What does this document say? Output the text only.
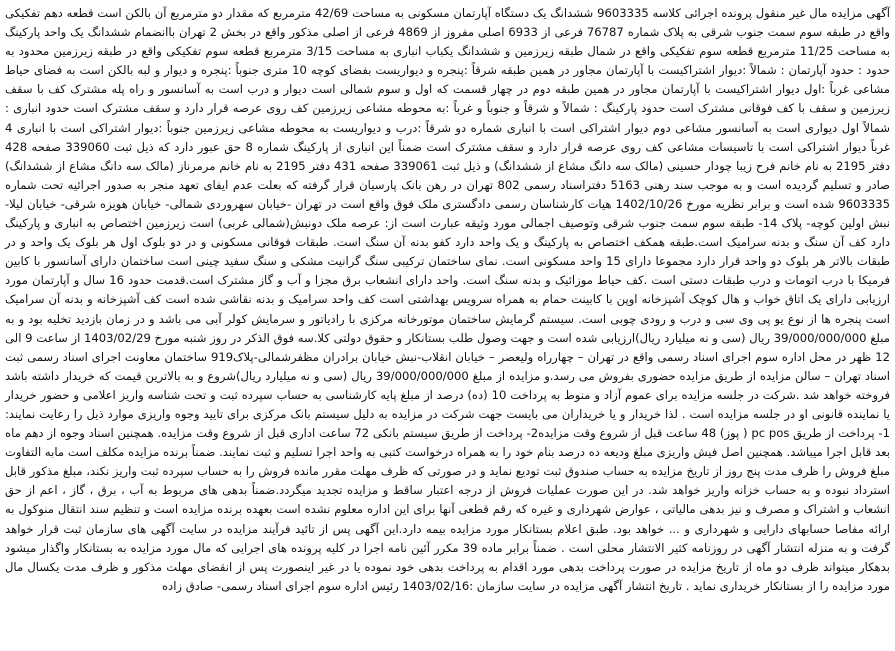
آگهی مزایده مال غیر منقول پرونده اجرائی کلاسه 9603335 ششدانگ یک دستگاه آپارتمان مسکونی به مساحت 42/69 مترمربع که مقدار دو مترمربع آن بالکن است قطعه دهم تفکیکی واقع در طبقه سوم سمت جنوب شرقی به پلاک شماره 76787 فرعی از 6933 اصلی مفروز از 4869 فرعی از اصلی مذکور واقع در بخش 2 تهران باانضمام ششدانگ یک واحد پارکینگ به مساحت 11/25 مترمربع قطعه سوم تفکیکی واقع در شمال طبقه زیرزمین و ششدانگ یکباب انباری به مساحت 3/15 مترمربع قطعه سوم تفکیکی واقع در طبقه زیرزمین محدود به حدود : حدود آپارتمان : شمالاً :دیوار اشتراکیست با آپارتمان مجاور در همین طبقه شرقاً :پنجره و دیواریست بفضای کوچه 10 متری جنوباً :پنجره و دیوار و لبه بالکن است به فضای حیاط مشاعی غرباً :اول دیوار اشتراکیست با آپارتمان مجاور در همین طبقه دوم در چهار قسمت که اول و سوم شمالی است دیوار و درب است به آسانسور و راه پله مشترک کف با سقف زیرزمین و سقف با کف فوقانی مشترک است حدود پارکینگ : شمالاً و شرقاً و جنوباً و غرباً :به محوطه مشاعی زیرزمین کف روی عرصه قرار دارد و سقف مشترک است حدود انباری : شمالاً اول دیواری است به آسانسور مشاعی دوم دیوار اشتراکی است با انباری شماره دو شرقاً :درب و دیواریست به محوطه مشاعی زیرزمین جنوباً :دیوار اشتراکی است با انباری 4 غرباً دیوار اشتراکی است با تاسیسات مشاعی کف روی عرصه قرار دارد و سقف مشترک است ضمناً این انباری از پارکینگ شماره 8 حق عبور دارد که ذیل ثبت 339060 صفحه 428 دفتر 2195 به نام خانم فرح زیبا چودار حسینی (مالک سه دانگ مشاع از ششدانگ) و ذیل ثبت 339061 صفحه 431 دفتر 2195 به نام خانم مرمرناز (مالک سه دانگ مشاع از ششدانگ) صادر و تسلیم گردیده است و به موجب سند رهنی 5163 دفتراسناد رسمی 802 تهران در رهن بانک پارسیان قرار گرفته که بعلت عدم ایفای تعهد منجر به صدور اجرائیه تحت شماره 9603335 شده است و برابر نظریه مورخ 1402/10/26 هیات کارشناسان رسمی دادگستری ملک فوق واقع است در تهران -خیابان سهروردی شمالی- خیابان هویزه شرقی- خیابان لیلا-نبش اولین کوچه- پلاک 14- طبقه سوم سمت جنوب شرقی وتوصیف اجمالی مورد وثیقه عبارت است از: عرصه ملک دونبش(شمالی غربی) است زیرزمین اختصاص به انباری و پارکینگ دارد کف آن سنگ و بدنه سرامیک است.طبقه همکف اختصاص به پارکینگ و یک واحد دارد کفو بدنه آن سنگ است. طبقات فوقانی مسکونی و در دو بلوک اول هر بلوک یک واحد و در طبقات بالاتر هر بلوک دو واحد قرار دارد مجموعا دارای 15 واحد مسکونی است. نمای ساختمان ترکیبی سنگ گرانیت مشکی و سنگ سفید چینی است ساختمان دارای آسانسور با کابین فرمیکا با درب اتومات و درب طبقات دستی است .کف حیاط موزائیک و بدنه سنگ است. واحد دارای انشعاب برق مجزا و آب و گاز مشترک است.قدمت حدود 16 سال و آپارتمان مورد ارزیابی دارای یک اتاق خواب و هال کوچک آشپزخانه اوپن با کابینت حمام به همراه سرویس بهداشتی است کف واحد سرامیک و بدنه نقاشی شده است کف آشپزخانه و بدنه آن سرامیک است پنجره ها از نوع یو پی وی سی و درب و رودی چوبی است. سیستم گرمایش ساختمان موتورخانه مرکزی با رادیاتور و سرمایش کولر آبی می باشد و در زمان بازدید تخلیه بود و به مبلغ 39/000/000/000 ریال (سی و نه میلیارد ریال)ارزیابی شده است و جهت وصول طلب بستانکار و حقوق دولتی کلا.سه فوق الذکر در روز شنبه مورخ 1403/02/29 از ساعت 9 الی 12 ظهر در محل اداره سوم اجرای اسناد رسمی واقع در تهران – چهارراه ولیعصر – خیابان انقلاب-نبش خیابان برادران مظفرشمالی-پلاک919 ساختمان معاونت اجرای اسناد رسمی ثبت اسناد تهران – سالن مزایده از طریق مزایده حضوری بفروش می رسد.و مزایده از مبلغ 39/000/000/000 ریال (سی و نه میلیارد ریال)شروع و به بالاترین قیمت که خریدار داشته باشد فروخته خواهد شد .شرکت در جلسه مزایده برای عموم آزاد و منوط به پرداخت 10 (ده) درصد از مبلغ پایه کارشناسی به حساب سپرده ثبت و تحت شناسه واریز اعلامی و حضور خریدار یا نماینده قانونی او در جلسه مزایده است . لذا خریدار و یا خریداران می بایست جهت شرکت در مزایده به دلیل سیستم بانک مرکزی برای تایید وجوه واریزی موارد ذیل را رعایت نمایند: 1- پرداخت از طریق pc pos ( پوز) 48 ساعت قبل از شروع وقت مزایده2- پرداخت از طریق سیستم بانکی 72 ساعت اداری قبل از شروع وقت مزایده. همچنین اسناد وجوه از دهم ماه بعد قابل اجرا میباشد. همچنین اصل فیش واریزی مبلغ ودیعه ده درصد بنام خود را به همراه درخواست کتبی به واحد اجرا تسلیم و ثبت نمایند. ضمناً برنده مزایده مکلف است مابه التفاوت مبلغ فروش را ظرف مدت پنج روز از تاریخ مزایده به حساب صندوق ثبت تودیع نماید و در صورتی که ظرف مهلت مقرر مانده فروش را به حساب سپرده ثبت واریز نکند، مبلغ مذکور قابل استرداد نبوده و به حساب خزانه واریز خواهد شد. در این صورت عملیات فروش از درجه اعتبار ساقط و مزایده تجدید میگردد.ضمناً بدهی های مربوط به آب ، برق ، گاز ، اعم از حق انشعاب و اشتراک و مصرف و نیز بدهی مالیاتی ، عوارض شهرداری و غیره که رقم قطعی آنها برای این اداره معلوم نشده است بعهده برنده مزایده است و تنظیم سند انتقال منوکول به ارائه مفاصا حسابهای دارایی و شهرداری و ... خواهد بود. طبق اعلام بستانکار مورد مزایده بیمه دارد.این آگهی پس از تائید فرآیند مزایده در سایت آگهی های سازمان ثبت قرار خواهد گرفت و به منزله انتشار آگهی در روزنامه کثیر الانتشار محلی است . ضمناً برابر ماده 39 مکرر آئین نامه اجرا در کلیه پرونده های اجرایی که مال مورد مزایده به بستانکار واگذار میشود بدهکار میتواند ظرف دو ماه از تاریخ مزایده در صورت پرداخت بدهی مورد اقدام به پرداخت بدهی خود نموده یا در غیر اینصورت پس از انقضای مهلت مذکور و ظرف مدت یکسال مال مورد مزایده را از بستانکار خریداری نماید . تاریخ انتشار آگهی مزایده در سایت سازمان :1403/02/16 رئیس اداره سوم اجرای اسناد رسمی- صادق زاده
